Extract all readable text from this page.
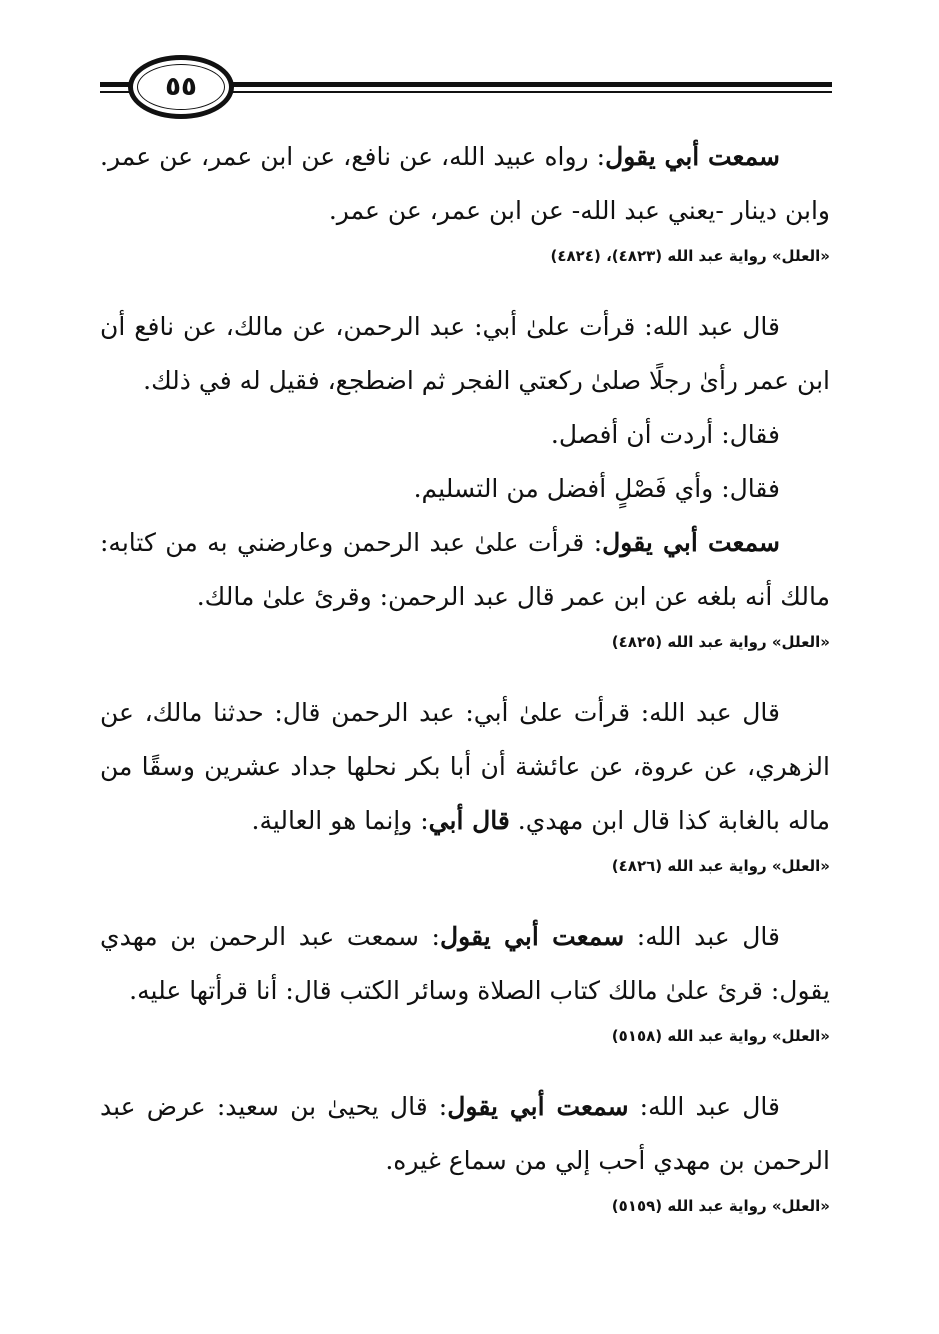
٥٥

سمعت أبي يقول: رواه عبيد الله، عن نافع، عن ابن عمر، عن عمر. وابن دينار -يعني عبد الله- عن ابن عمر، عن عمر.

«العلل» رواية عبد الله (٤٨٢٣)، (٤٨٢٤)

قال عبد الله: قرأت علىٰ أبي: عبد الرحمن، عن مالك، عن نافع أن ابن عمر رأىٰ رجلًا صلىٰ ركعتي الفجر ثم اضطجع، فقيل له في ذلك.

فقال: أردت أن أفصل.

فقال: وأي فَصْلٍ أفضل من التسليم.

سمعت أبي يقول: قرأت علىٰ عبد الرحمن وعارضني به من كتابه: مالك أنه بلغه عن ابن عمر قال عبد الرحمن: وقرئ علىٰ مالك.

«العلل» رواية عبد الله (٤٨٢٥)

قال عبد الله: قرأت علىٰ أبي: عبد الرحمن قال: حدثنا مالك، عن الزهري، عن عروة، عن عائشة أن أبا بكر نحلها جداد عشرين وسقًا من ماله بالغابة كذا قال ابن مهدي. قال أبي: وإنما هو العالية.

«العلل» رواية عبد الله (٤٨٢٦)

قال عبد الله: سمعت أبي يقول: سمعت عبد الرحمن بن مهدي يقول: قرئ علىٰ مالك كتاب الصلاة وسائر الكتب قال: أنا قرأتها عليه.

«العلل» رواية عبد الله (٥١٥٨)

قال عبد الله: سمعت أبي يقول: قال يحيىٰ بن سعيد: عرض عبد الرحمن بن مهدي أحب إلي من سماع غيره.

«العلل» رواية عبد الله (٥١٥٩)
